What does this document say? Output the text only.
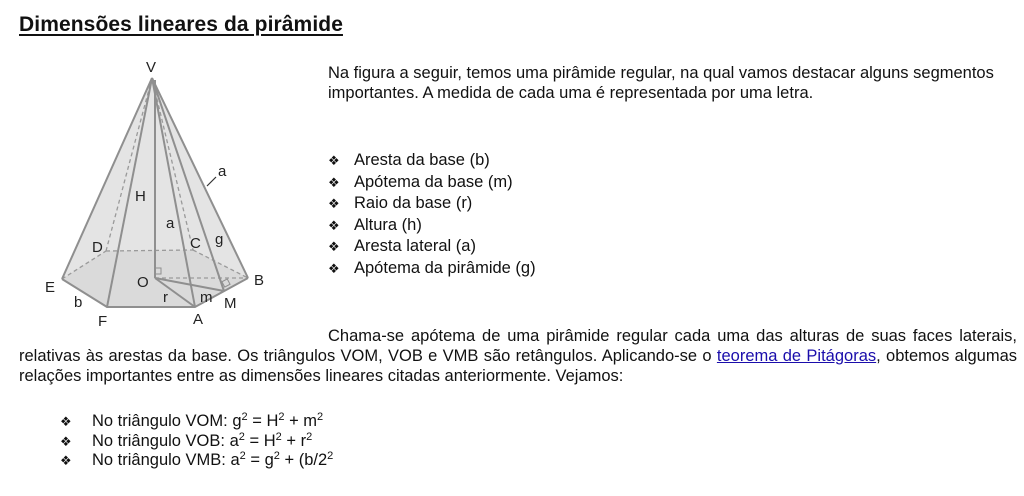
Dimensões lineares da pirâmide
V
H
a
a
g
C
D
E	B
O
r m M
b
F	A

Na figura a seguir, temos uma pirâmide regular, na qual vamos destacar alguns segmentos importantes. A medida de cada uma é representada por uma letra.

❖ Aresta da base (b)
❖ Apótema da base (m)
❖ Raio da base (r)
❖ Altura (h)
❖ Aresta lateral (a)
❖ Apótema da pirâmide (g)

Chama-se apótema de uma pirâmide regular cada uma das alturas de suas faces laterais, relativas às arestas da base. Os triângulos VOM, VOB e VMB são retângulos. Aplicando-se o teorema de Pitágoras, obtemos algumas relações importantes entre as dimensões lineares citadas anteriormente. Vejamos:

❖	No triângulo VOM: $g^2 = H^2 + m^2$
❖	No triângulo VOB: $a^2 = H^2 + r^2$
❖	No triângulo VMB: $a^2 = g^2 + (b/2^2$
